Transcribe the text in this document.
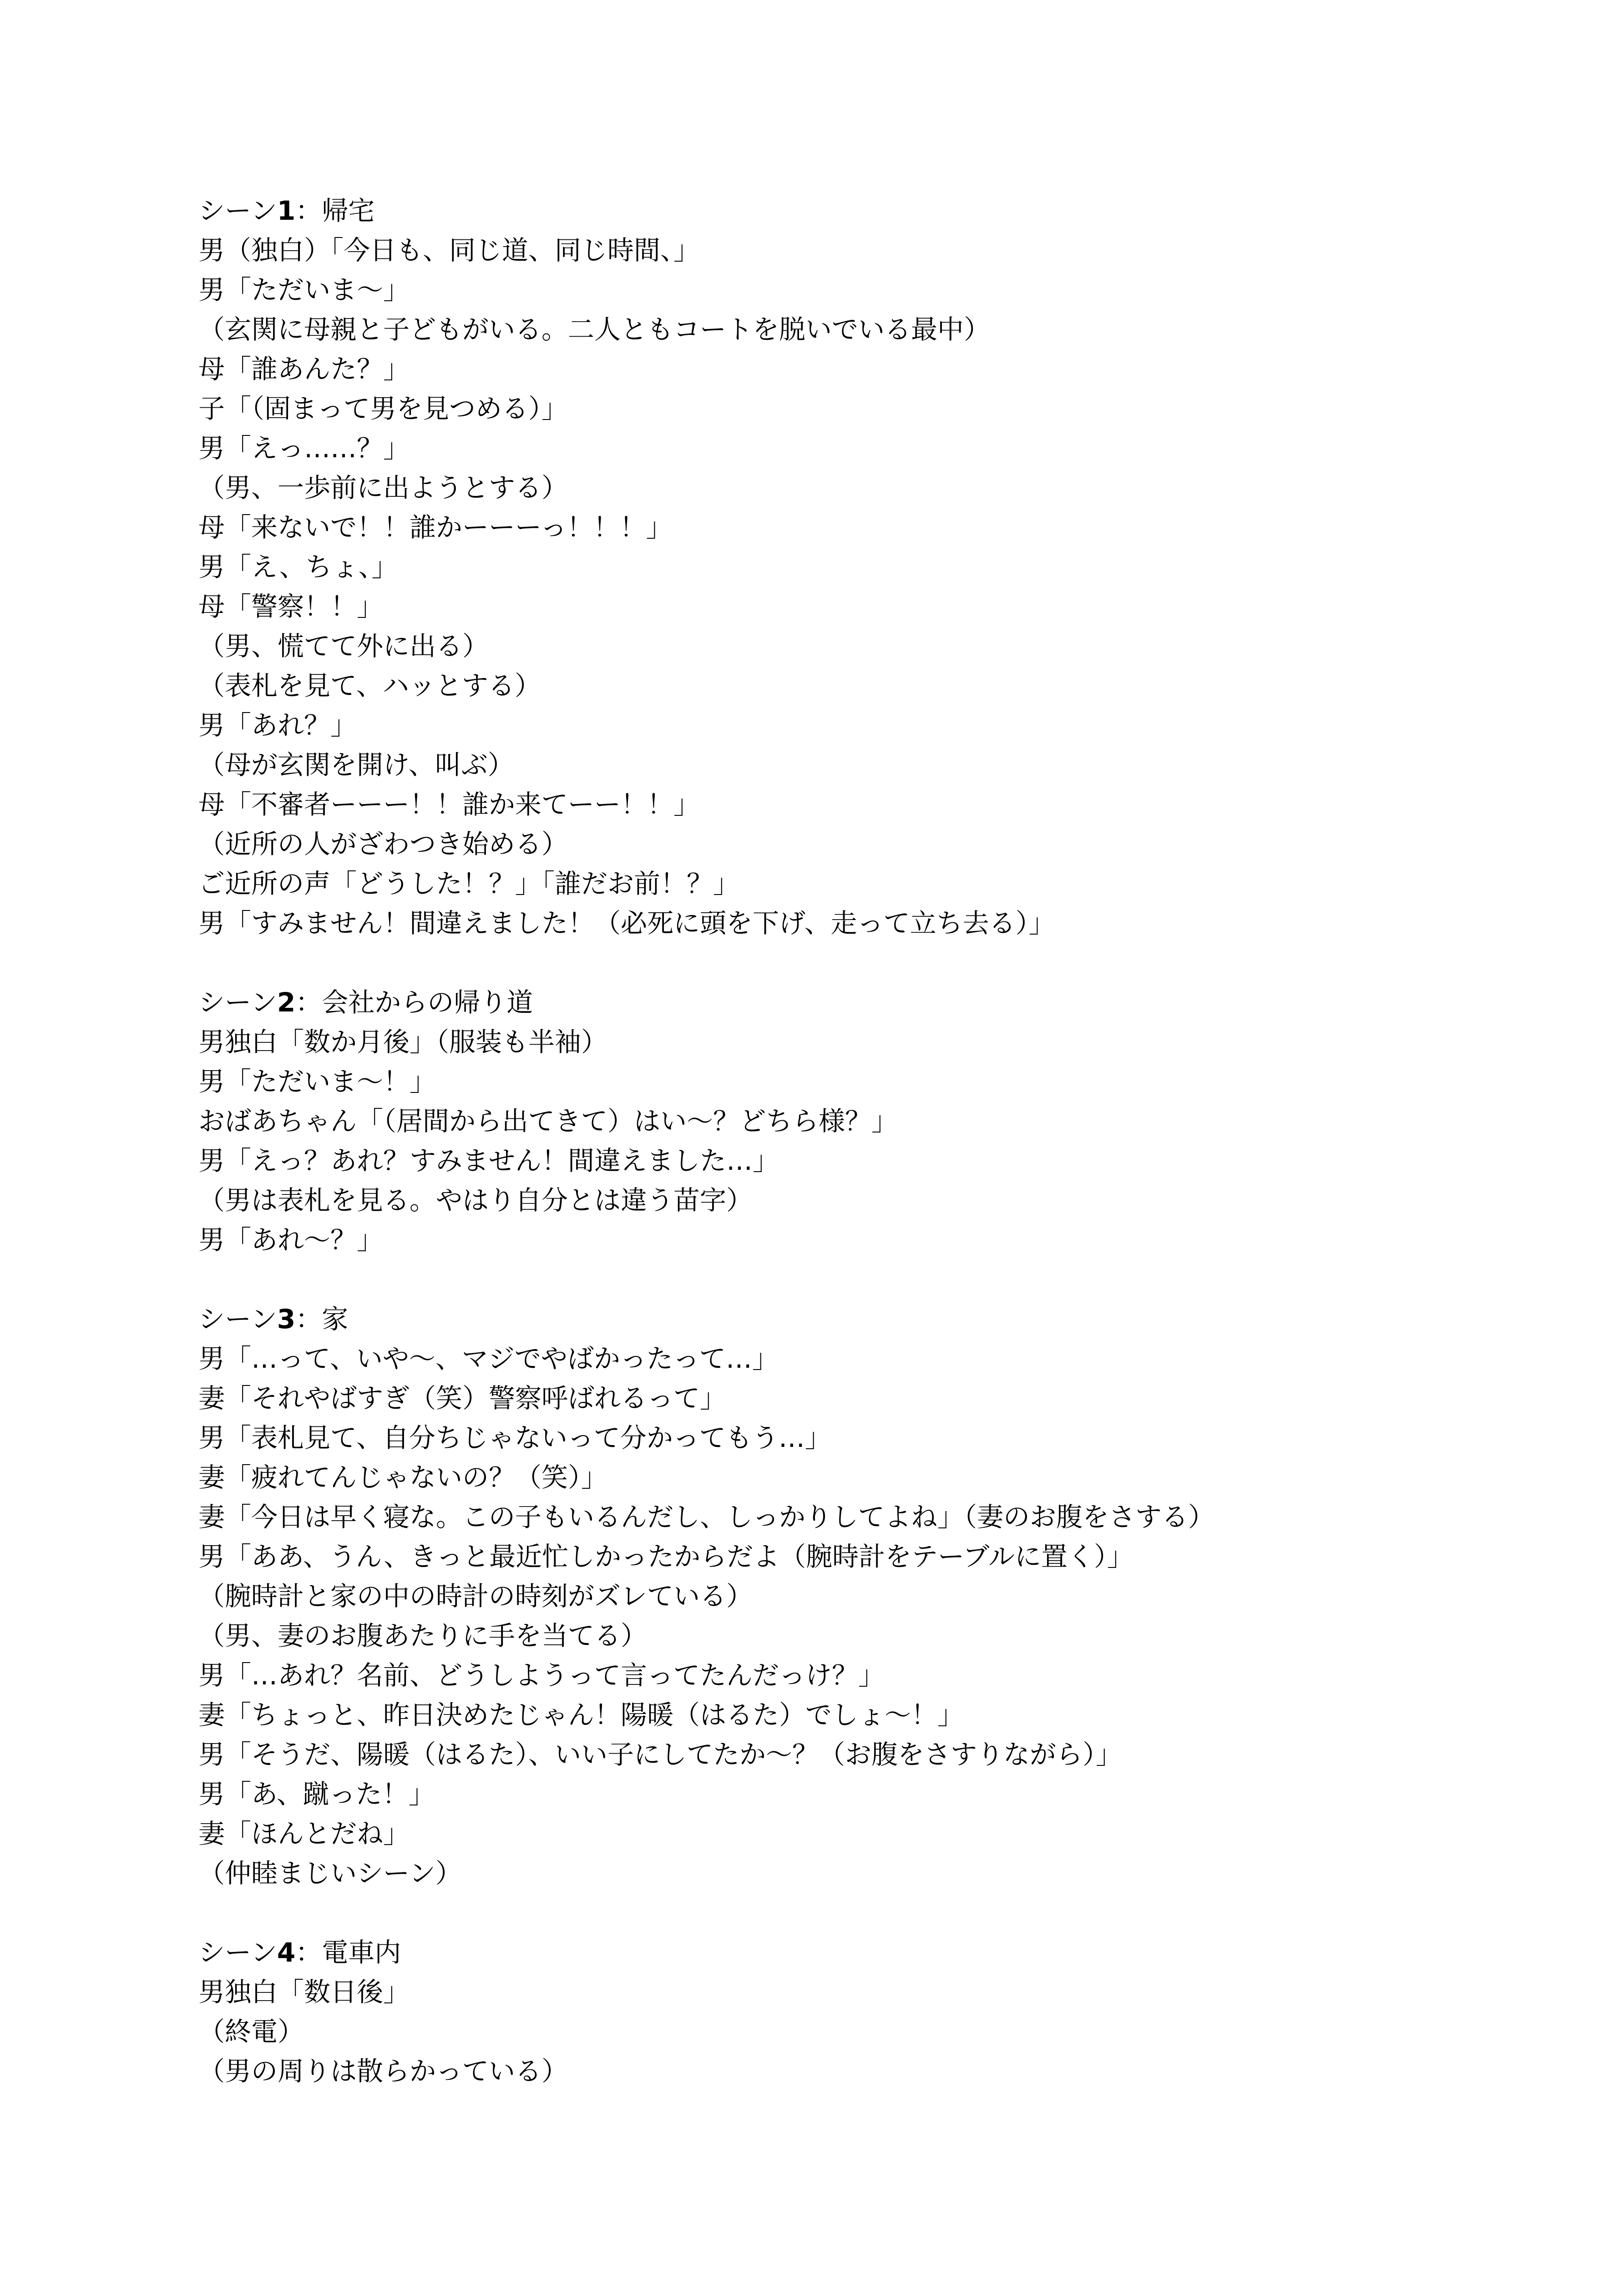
シーン1：帰宅
男（独白）「今日も、同じ道、同じ時間、」
男「ただいま～」
（玄関に母親と子どもがいる。二人ともコートを脱いでいる最中）
母「誰あんた？」
子「（固まって男を見つめる）」
男「えっ……？」
（男、一歩前に出ようとする）
母「来ないで！！誰かーーーっ！！！」
男「え、ちょ、」
母「警察！！」
（男、慌てて外に出る）
（表札を見て、ハッとする）
男「あれ？」
（母が玄関を開け、叫ぶ）
母「不審者ーーー！！誰か来てーー！！」
（近所の人がざわつき始める）
ご近所の声「どうした！？」「誰だお前！？」
男「すみません！間違えました！（必死に頭を下げ、走って立ち去る）」
シーン2：会社からの帰り道
男独白「数か月後」（服装も半袖）
男「ただいま～！」
おばあちゃん「（居間から出てきて）はい～？どちら様？」
男「えっ？あれ？すみません！間違えました…」
（男は表札を見る。やはり自分とは違う苗字）
男「あれ～？」
シーン3：家
男「…って、いや～、マジでやばかったって…」
妻「それやばすぎ（笑）警察呼ばれるって」
男「表札見て、自分ちじゃないって分かってもう…」
妻「疲れてんじゃないの？（笑）」
妻「今日は早く寝な。この子もいるんだし、しっかりしてよね」（妻のお腹をさする）
男「ああ、うん、きっと最近忙しかったからだよ（腕時計をテーブルに置く）」
（腕時計と家の中の時計の時刻がズレている）
（男、妻のお腹あたりに手を当てる）
男「…あれ？名前、どうしようって言ってたんだっけ？」
妻「ちょっと、昨日決めたじゃん！陽暖（はるた）でしょ～！」
男「そうだ、陽暖（はるた）、いい子にしてたか～？（お腹をさすりながら）」
男「あ、蹴った！」
妻「ほんとだね」
（仲睦まじいシーン）
シーン4：電車内
男独白「数日後」
（終電）
（男の周りは散らかっている）
